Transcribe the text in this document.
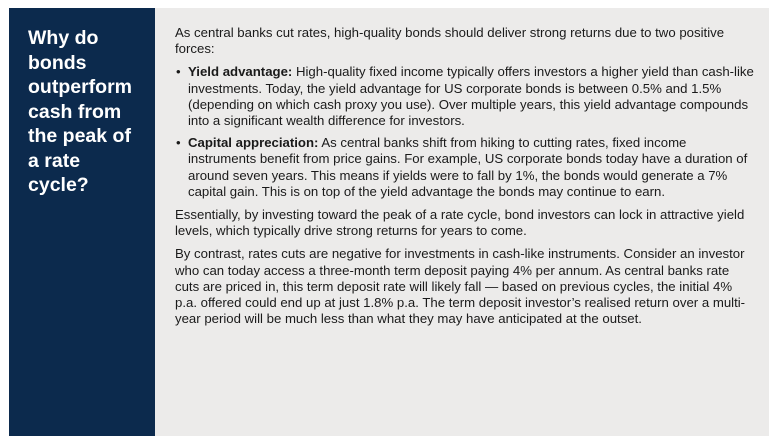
Why do bonds outperform cash from the peak of a rate cycle?

As central banks cut rates, high-quality bonds should deliver strong returns due to two positive forces:

• Yield advantage: High-quality fixed income typically offers investors a higher yield than cash-like investments. Today, the yield advantage for US corporate bonds is between 0.5% and 1.5% (depending on which cash proxy you use). Over multiple years, this yield advantage compounds into a significant wealth difference for investors.
• Capital appreciation: As central banks shift from hiking to cutting rates, fixed income instruments benefit from price gains. For example, US corporate bonds today have a duration of around seven years. This means if yields were to fall by 1%, the bonds would generate a 7% capital gain. This is on top of the yield advantage the bonds may continue to earn.

Essentially, by investing toward the peak of a rate cycle, bond investors can lock in attractive yield levels, which typically drive strong returns for years to come.

By contrast, rates cuts are negative for investments in cash-like instruments. Consider an investor who can today access a three-month term deposit paying 4% per annum. As central banks rate cuts are priced in, this term deposit rate will likely fall — based on previous cycles, the initial 4% p.a. offered could end up at just 1.8% p.a. The term deposit investor’s realised return over a multi-year period will be much less than what they may have anticipated at the outset.
